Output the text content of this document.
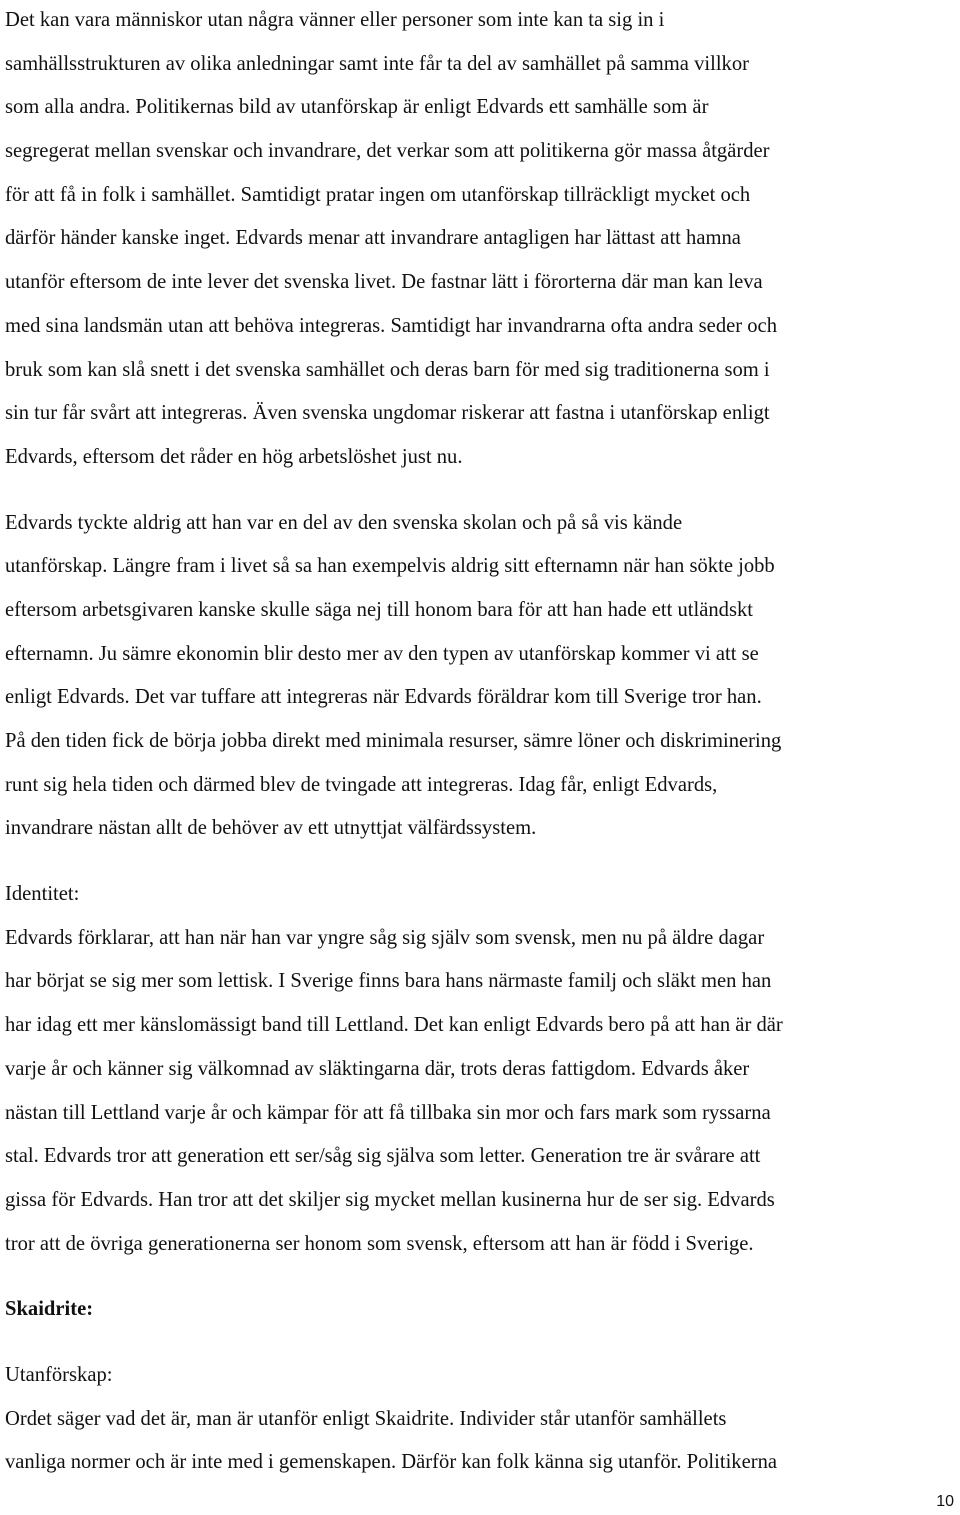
Det kan vara människor utan några vänner eller personer som inte kan ta sig in i
samhällsstrukturen av olika anledningar samt inte får ta del av samhället på samma villkor
som alla andra. Politikernas bild av utanförskap är enligt Edvards ett samhälle som är
segregerat mellan svenskar och invandrare, det verkar som att politikerna gör massa åtgärder
för att få in folk i samhället. Samtidigt pratar ingen om utanförskap tillräckligt mycket och
därför händer kanske inget. Edvards menar att invandrare antagligen har lättast att hamna
utanför eftersom de inte lever det svenska livet. De fastnar lätt i förorterna där man kan leva
med sina landsmän utan att behöva integreras. Samtidigt har invandrarna ofta andra seder och
bruk som kan slå snett i det svenska samhället och deras barn för med sig traditionerna som i
sin tur får svårt att integreras. Även svenska ungdomar riskerar att fastna i utanförskap enligt
Edvards, eftersom det råder en hög arbetslöshet just nu.

Edvards tyckte aldrig att han var en del av den svenska skolan och på så vis kände
utanförskap. Längre fram i livet så sa han exempelvis aldrig sitt efternamn när han sökte jobb
eftersom arbetsgivaren kanske skulle säga nej till honom bara för att han hade ett utländskt
efternamn. Ju sämre ekonomin blir desto mer av den typen av utanförskap kommer vi att se
enligt Edvards. Det var tuffare att integreras när Edvards föräldrar kom till Sverige tror han.
På den tiden fick de börja jobba direkt med minimala resurser, sämre löner och diskriminering
runt sig hela tiden och därmed blev de tvingade att integreras. Idag får, enligt Edvards,
invandrare nästan allt de behöver av ett utnyttjat välfärdssystem.

Identitet:

Edvards förklarar, att han när han var yngre såg sig själv som svensk, men nu på äldre dagar
har börjat se sig mer som lettisk. I Sverige finns bara hans närmaste familj och släkt men han
har idag ett mer känslomässigt band till Lettland. Det kan enligt Edvards bero på att han är där
varje år och känner sig välkomnad av släktingarna där, trots deras fattigdom. Edvards åker
nästan till Lettland varje år och kämpar för att få tillbaka sin mor och fars mark som ryssarna
stal. Edvards tror att generation ett ser/såg sig själva som letter. Generation tre är svårare att
gissa för Edvards. Han tror att det skiljer sig mycket mellan kusinerna hur de ser sig. Edvards
tror att de övriga generationerna ser honom som svensk, eftersom att han är född i Sverige.

Skaidrite:

Utanförskap:

Ordet säger vad det är, man är utanför enligt Skaidrite. Individer står utanför samhällets
vanliga normer och är inte med i gemenskapen. Därför kan folk känna sig utanför. Politikerna

10
